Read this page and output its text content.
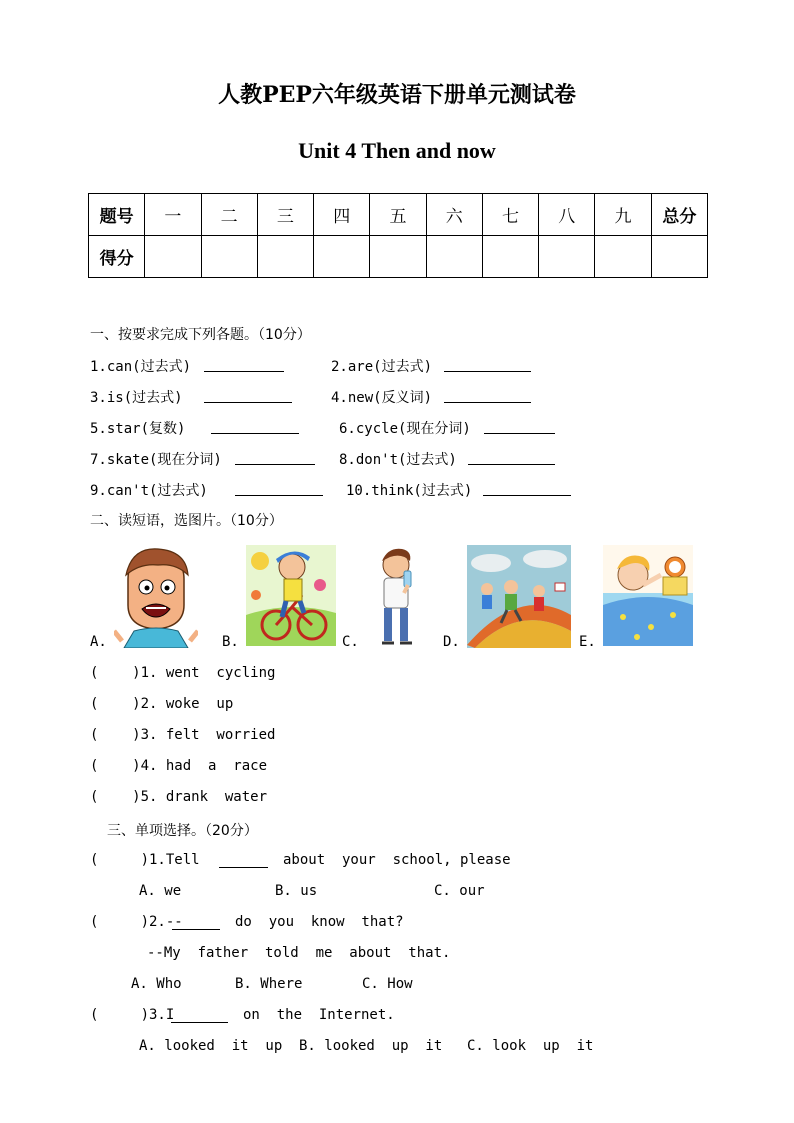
人教PEP六年级英语下册单元测试卷
Unit 4 Then and now
题号	一	二	三	四	五	六	七	八	九	总分
得分										
一、按要求完成下列各题。（10分）
1.can(过去式)	2.are(过去式)
3.is(过去式)	4.new(反义词)
5.star(复数)	6.cycle(现在分词)
7.skate(现在分词)	8.don't(过去式)
9.can't(过去式)	10.think(过去式)
二、读短语，选图片。（10分）
A.	B.	C.	D.	E.
(    )1. went  cycling
(    )2. woke  up
(    )3. felt  worried
(    )4. had  a  race
(    )5. drank  water
三、单项选择。（20分）
(     )1.Tell	about  your  school, please
A. we	B. us	C. our
(     )2.--	do  you  know  that?
--My  father  told  me  about  that.
A. Who	B. Where	C. How
(     )3.I	on  the  Internet.
A. looked  it  up B. looked  up  it C. look  up  it
